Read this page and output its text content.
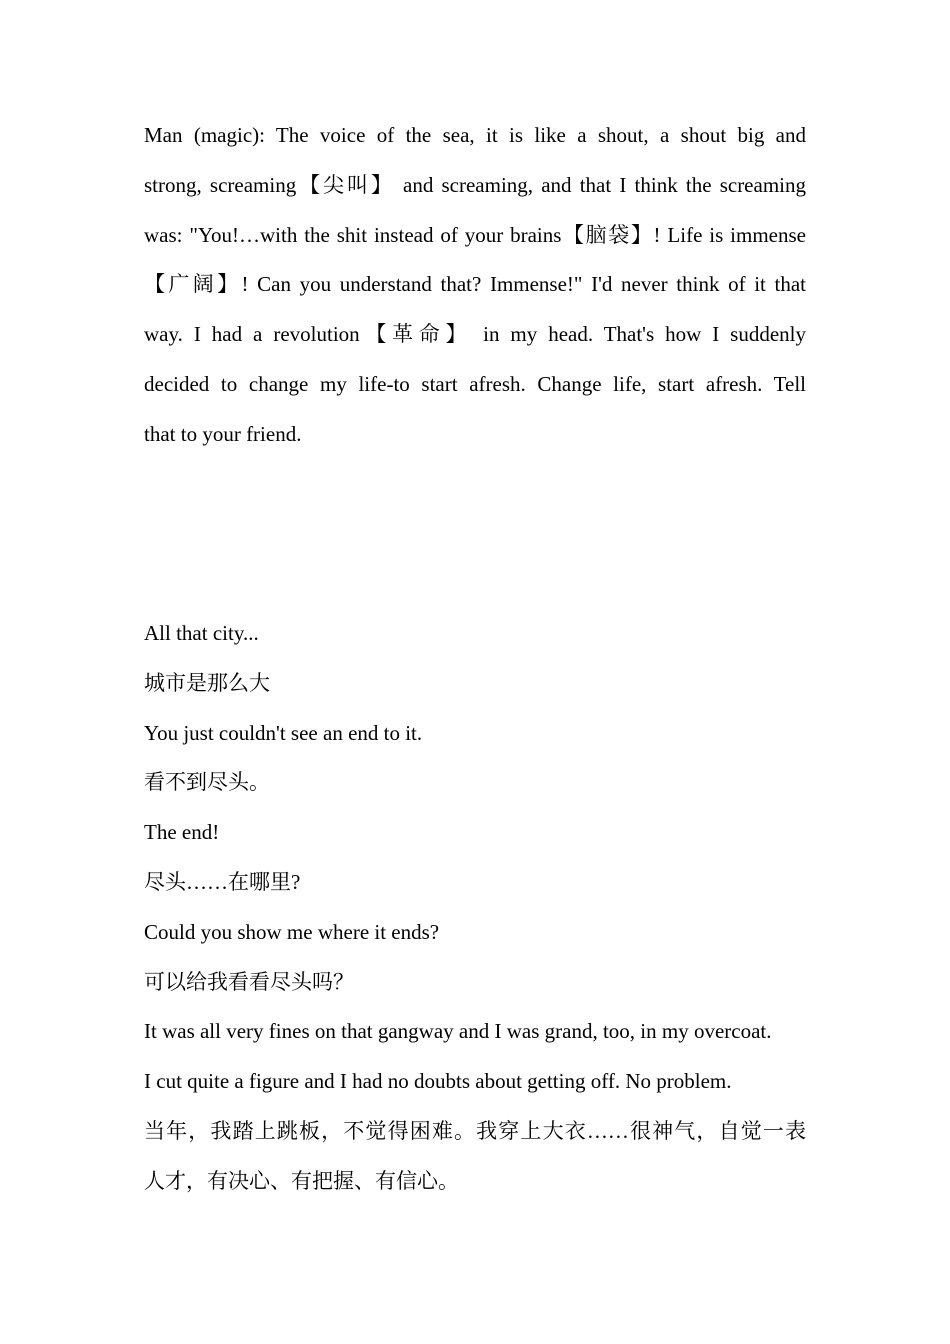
Man (magic): The voice of the sea, it is like a shout, a shout big and
strong, screaming【尖叫】 and screaming, and that I think the screaming
was: "You!…with the shit instead of your brains【脑袋】! Life is immense
【广阔】! Can you understand that? Immense!" I'd never think of it that
way. I had a revolution【革命】 in my head. That's how I suddenly
decided to change my life-to start afresh. Change life, start afresh. Tell
that to your friend.
All that city...
城市是那么大
You just couldn't see an end to it.
看不到尽头。
The end!
尽头……在哪里?
Could you show me where it ends?
可以给我看看尽头吗？
It was all very fines on that gangway and I was grand, too, in my overcoat.
I cut quite a figure and I had no doubts about getting off. No problem.
当年，我踏上跳板，不觉得困难。我穿上大衣……很神气，自觉一表
人才，有决心、有把握、有信心。
